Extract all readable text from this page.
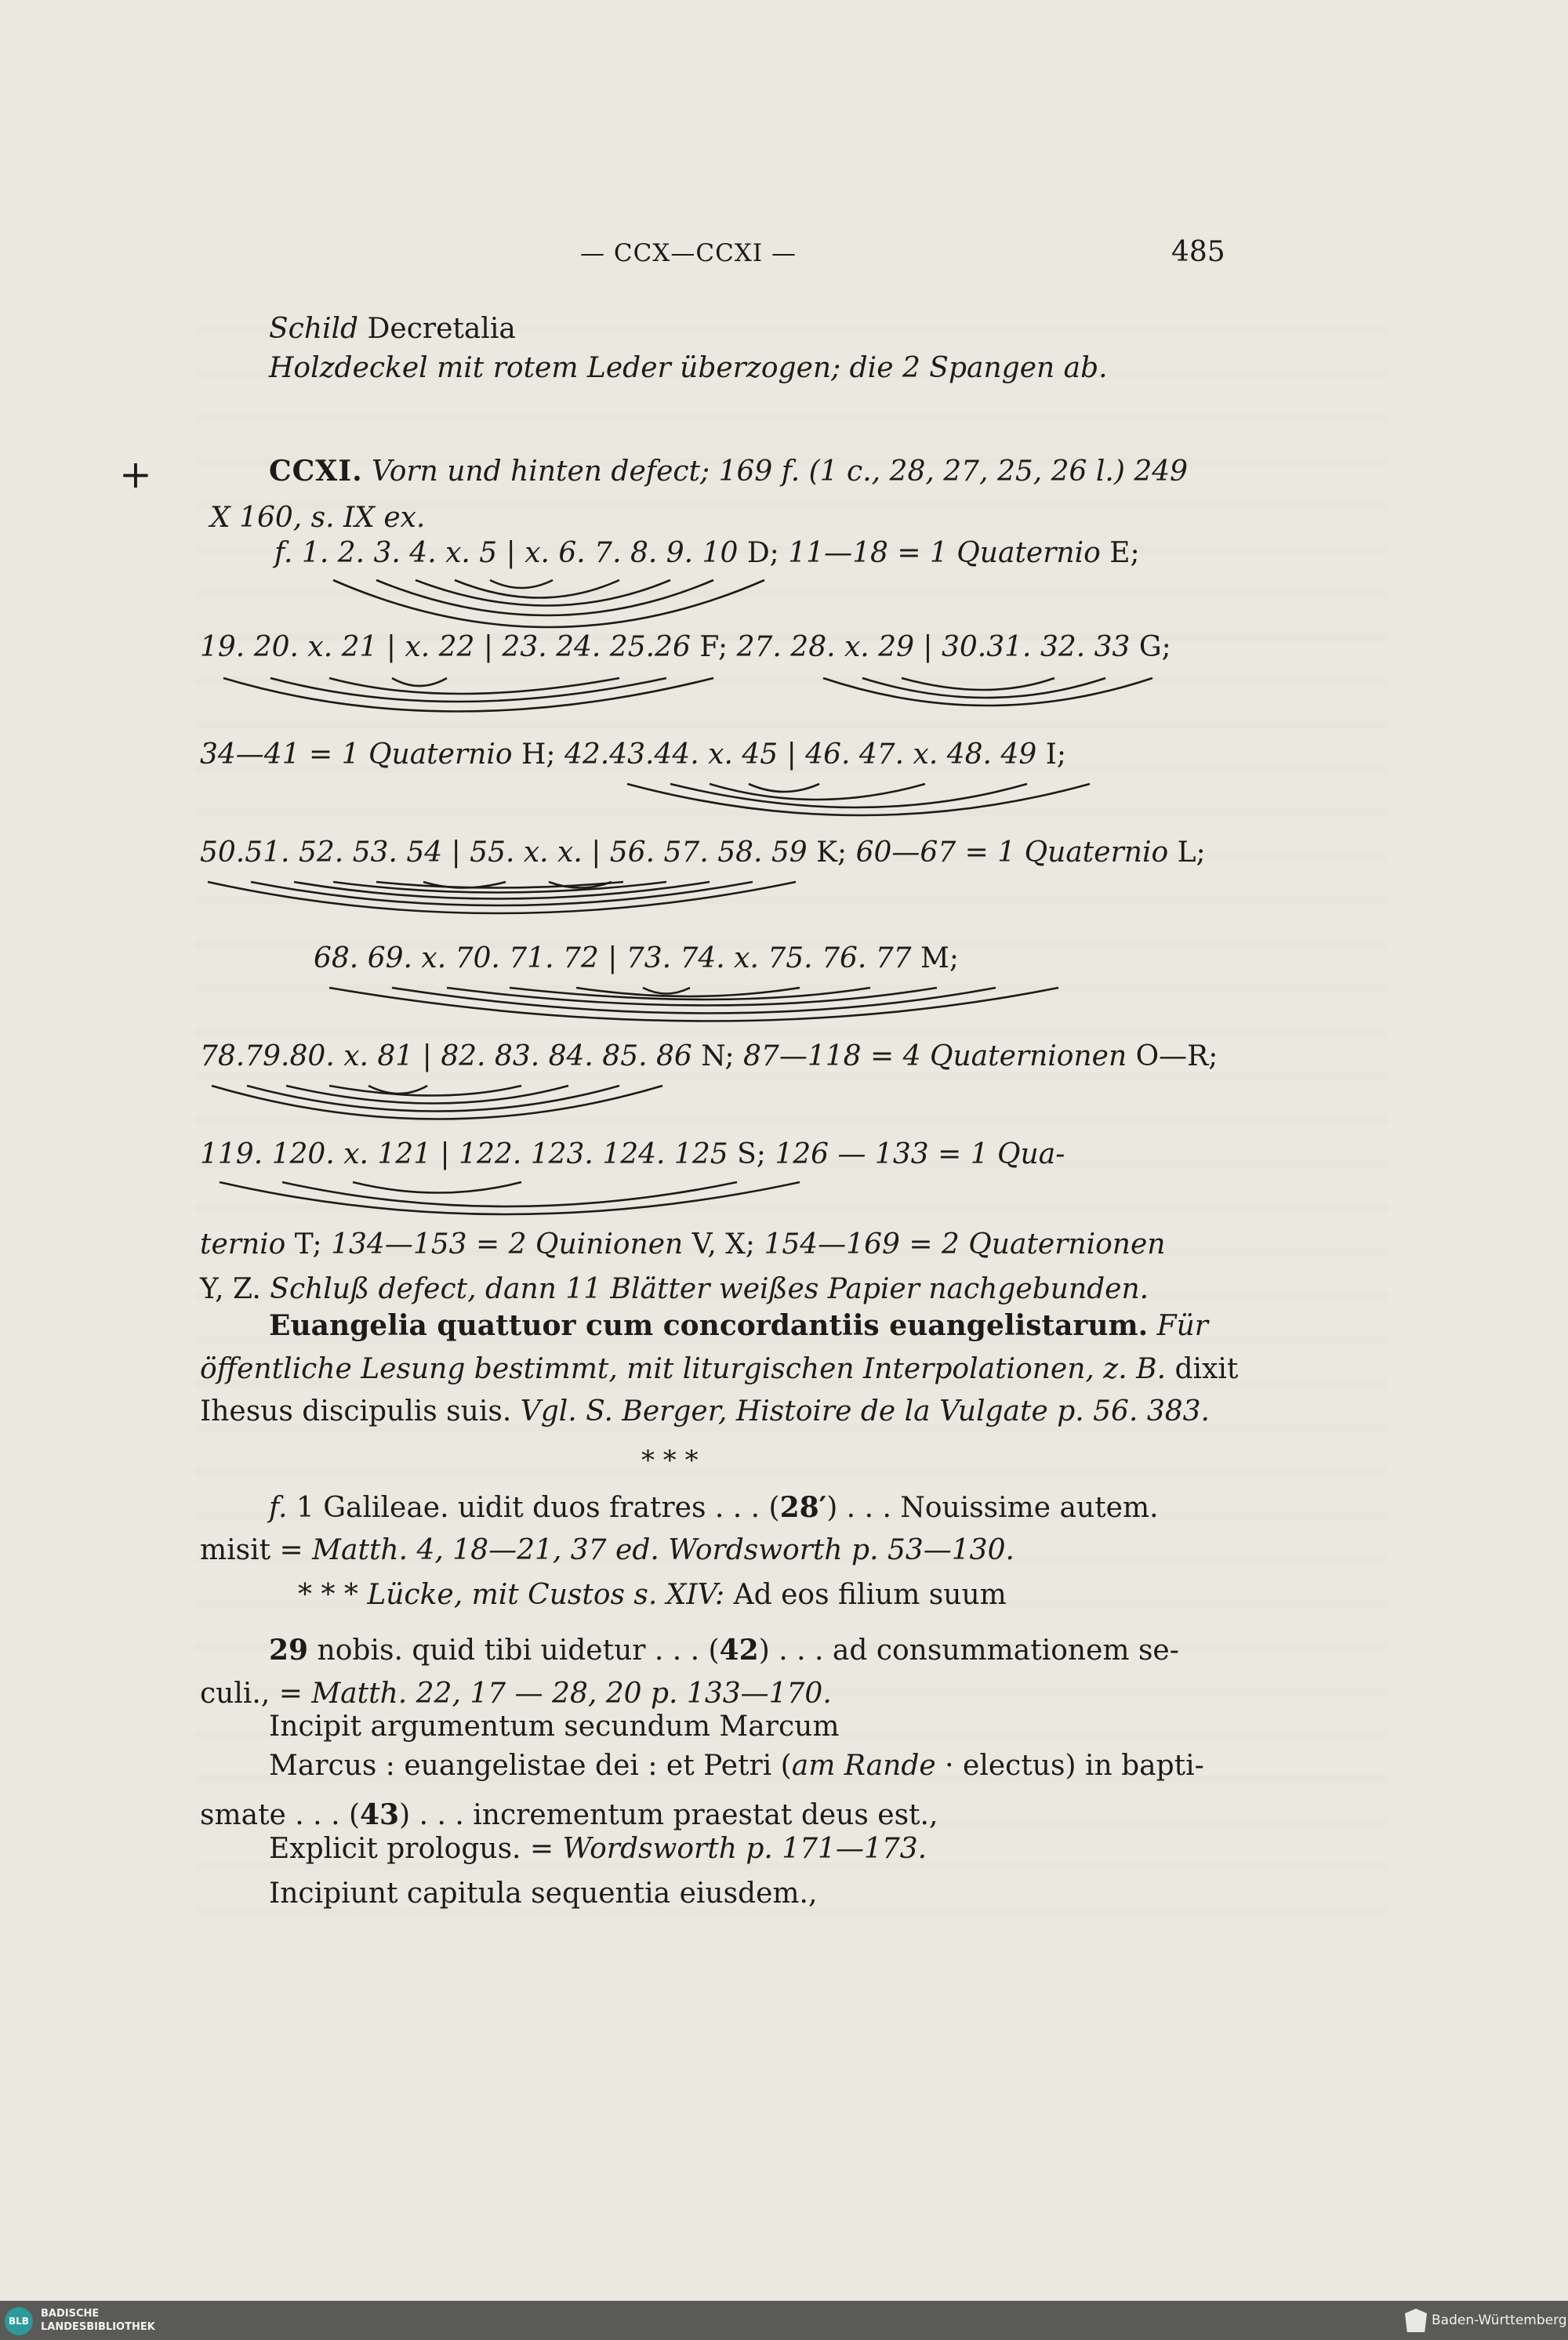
— CCX—CCXI —	485
+
Schild Decretalia
Holzdeckel mit rotem Leder überzogen; die 2 Spangen ab.
CCXI. Vorn und hinten defect; 169 f. (1 c., 28, 27, 25, 26 l.) 249
X 160, s. IX ex.
f. 1. 2. 3. 4. x. 5 | x. 6. 7. 8. 9. 10 D; 11—18 = 1 Quaternio E;
19. 20. x. 21 | x. 22 | 23. 24. 25.26 F; 27. 28. x. 29 | 30.31. 32. 33 G;
34—41 = 1 Quaternio H; 42.43.44. x. 45 | 46. 47. x. 48. 49 I;
50.51. 52. 53. 54 | 55. x. x. | 56. 57. 58. 59 K; 60—67 = 1 Quaternio L;
68. 69. x. 70. 71. 72 | 73. 74. x. 75. 76. 77 M;
78.79.80. x. 81 | 82. 83. 84. 85. 86 N; 87—118 = 4 Quaternionen O—R;
119. 120. x. 121 | 122. 123. 124. 125 S; 126 — 133 = 1 Qua-
ternio T; 134—153 = 2 Quinionen V, X; 154—169 = 2 Quaternionen
Y, Z. Schluß defect, dann 11 Blätter weißes Papier nachgebunden.
Euangelia quattuor cum concordantiis euangelistarum. Für
öffentliche Lesung bestimmt, mit liturgischen Interpolationen, z. B. dixit
Ihesus discipulis suis. Vgl. S. Berger, Histoire de la Vulgate p. 56. 383.
* * *
f. 1 Galileae. uidit duos fratres . . . (28′) . . . Nouissime autem.
misit = Matth. 4, 18—21, 37 ed. Wordsworth p. 53—130.
* * * Lücke, mit Custos s. XIV: Ad eos filium suum
29 nobis. quid tibi uidetur . . . (42) . . . ad consummationem se-
culi., = Matth. 22, 17 — 28, 20 p. 133—170.
Incipit argumentum secundum Marcum
Marcus : euangelistae dei : et Petri (am Rande · electus) in bapti-
smate . . . (43) . . . incrementum praestat deus est.,
Explicit prologus. = Wordsworth p. 171—173.
Incipiunt capitula sequentia eiusdem.,
BLB
BADISCHE
LANDESBIBLIOTHEK	Baden-Württemberg
